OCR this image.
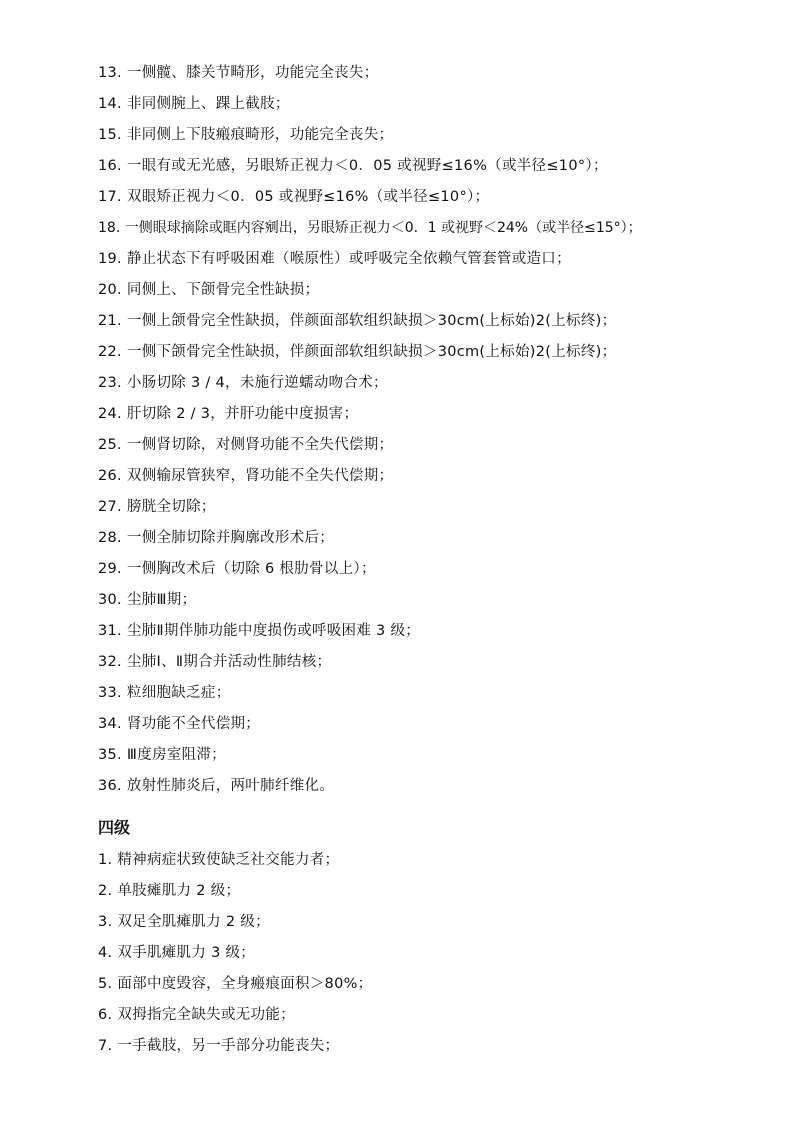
13. 一侧髋、膝关节畸形，功能完全丧失；
14. 非同侧腕上、踝上截肢；
15. 非同侧上下肢瘢痕畸形，功能完全丧失；
16. 一眼有或无光感，另眼矫正视力＜0．05 或视野≤16%（或半径≤10°）；
17. 双眼矫正视力＜0．05 或视野≤16%（或半径≤10°）；
18. 一侧眼球摘除或眶内容剜出，另眼矫正视力＜0．1 或视野＜24%（或半径≤15°）；
19. 静止状态下有呼吸困难（喉原性）或呼吸完全依赖气管套管或造口；
20. 同侧上、下颌骨完全性缺损；
21. 一侧上颌骨完全性缺损，伴颜面部软组织缺损＞30cm(上标始)2(上标终)；
22. 一侧下颌骨完全性缺损，伴颜面部软组织缺损＞30cm(上标始)2(上标终)；
23. 小肠切除 3 / 4，未施行逆蠕动吻合术；
24. 肝切除 2 / 3，并肝功能中度损害；
25. 一侧肾切除，对侧肾功能不全失代偿期；
26. 双侧输尿管狭窄，肾功能不全失代偿期；
27. 膀胱全切除；
28. 一侧全肺切除并胸廓改形术后；
29. 一侧胸改术后（切除 6 根肋骨以上）；
30. 尘肺Ⅲ期；
31. 尘肺Ⅱ期伴肺功能中度损伤或呼吸困难 3 级；
32. 尘肺Ⅰ、Ⅱ期合并活动性肺结核；
33. 粒细胞缺乏症；
34. 肾功能不全代偿期；
35. Ⅲ度房室阻滞；
36. 放射性肺炎后，两叶肺纤维化。
四级
1. 精神病症状致使缺乏社交能力者；
2. 单肢瘫肌力 2 级；
3. 双足全肌瘫肌力 2 级；
4. 双手肌瘫肌力 3 级；
5. 面部中度毁容，全身瘢痕面积＞80%；
6. 双拇指完全缺失或无功能；
7. 一手截肢，另一手部分功能丧失；
